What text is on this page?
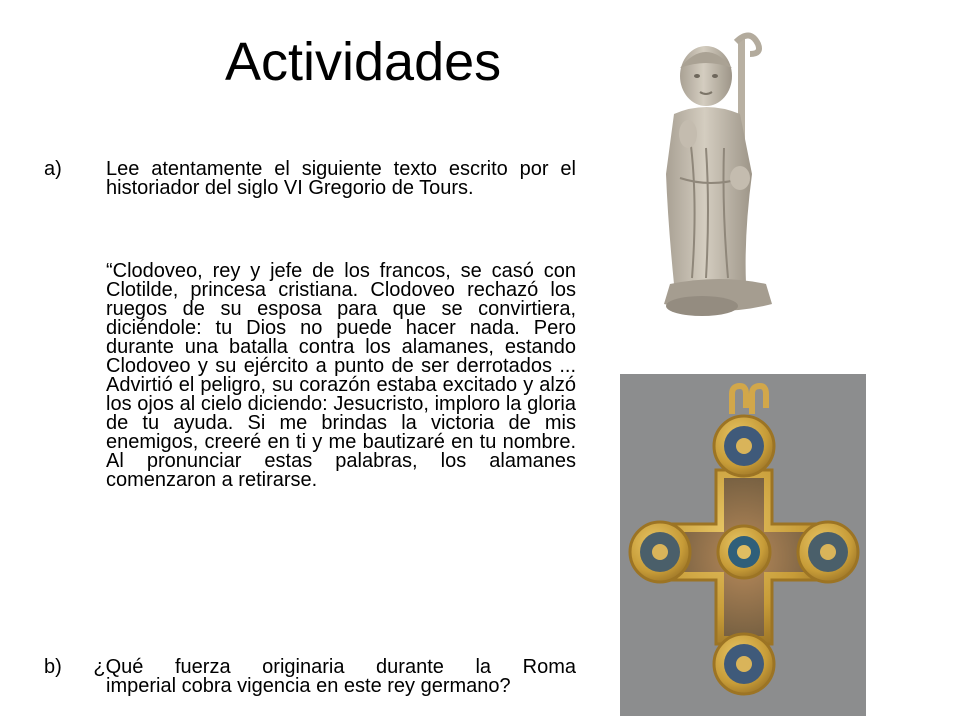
Actividades
a) Lee atentamente el siguiente texto escrito por el historiador del siglo VI Gregorio de Tours.
“Clodoveo, rey y jefe de los francos, se casó con Clotilde, princesa cristiana. Clodoveo rechazó los ruegos de su esposa para que se convirtiera, diciéndole: tu Dios no puede hacer nada. Pero durante una batalla contra los alamanes, estando Clodoveo y su ejército a punto de ser derrotados ... Advirtió el peligro, su corazón estaba excitado y alzó los ojos al cielo diciendo: Jesucristo, imploro la gloria de tu ayuda. Si me brindas la victoria de mis enemigos, creeré en ti y me bautizaré en tu nombre. Al pronunciar estas palabras, los alamanes comenzaron a retirarse.
b) ¿Qué fuerza originaria durante la Roma
imperial cobra vigencia en este rey germano?
